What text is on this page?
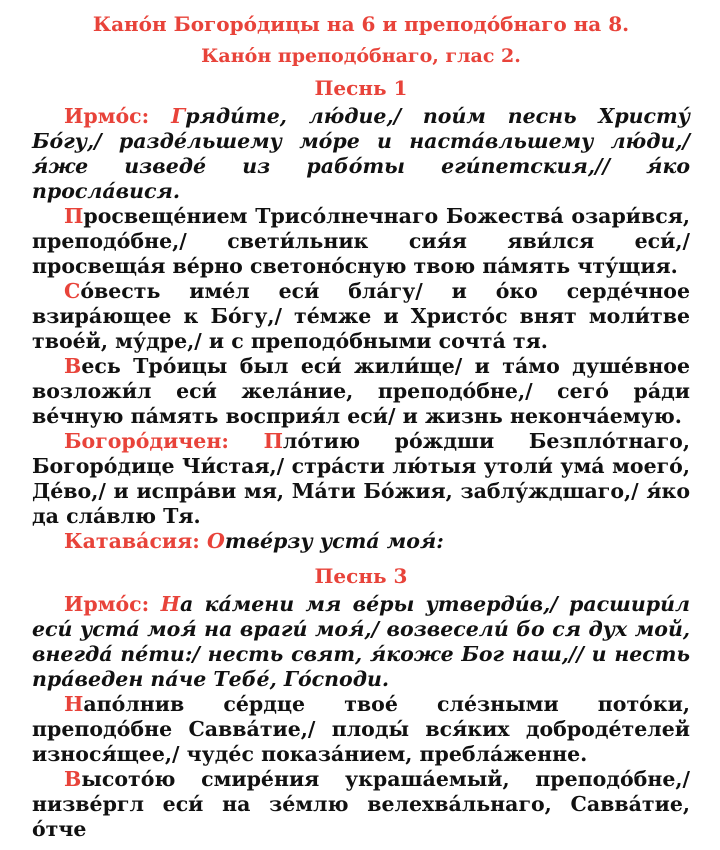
Кано́н Богоро́дицы на 6 и преподо́бнаго на 8.
Кано́н преподо́бнаго, глас 2.
Песнь 1

Ирмо́с: Гряди́те, лю́дие,/ пои́м песнь Христу́ Бо́гу,/ разде́льшему мо́ре и наста́вльшему лю́ди,/ я́же изведе́ из рабо́ты еги́петския,// я́ко просла́вися.

Просвеще́нием Трисо́лнечнаго Божества́ озари́вся, преподо́бне,/ свети́льник сия́я яви́лся еси́,/ просвеща́я ве́рно светоно́сную твою па́мять чту́щия.

Со́весть име́л еси́ бла́гу/ и о́ко серде́чное взира́ющее к Бо́гу,/ те́мже и Христо́с внят моли́тве твое́й, му́дре,/ и с преподо́бными сочта́ тя.

Весь Тро́ицы был еси́ жили́ще/ и та́мо душе́вное возложи́л еси́ жела́ние, преподо́бне,/ сего́ ра́ди ве́чную па́мять восприя́л еси́/ и жизнь неконча́емую.

Богоро́дичен: Пло́тию ро́ждши Безпло́тнаго, Богоро́дице Чи́стая,/ стра́сти лю́тыя утоли́ ума́ моего́, Де́во,/ и испра́ви мя, Ма́ти Бо́жия, заблу́ждшаго,/ я́ко да сла́влю Тя.

Катава́сия: Отве́рзу уста́ моя́:

Песнь 3

Ирмо́с: На ка́мени мя ве́ры утверди́в,/ расшири́л еси́ уста́ моя́ на враги́ моя́,/ возвесели́ бо ся дух мой, внегда́ пе́ти:/ несть свят, я́коже Бог наш,// и несть пра́веден па́че Тебе́, Го́споди.

Напо́лнив се́рдце твое́ сле́зными пото́ки, преподо́бне Савва́тие,/ плоды́ вся́ких доброде́телей износя́щее,/ чуде́с показа́нием, пребла́женне.

Высото́ю смире́ния украша́емый, преподо́бне,/ низве́ргл еси́ на зе́млю велехва́льнаго, Савва́тие, о́тче
